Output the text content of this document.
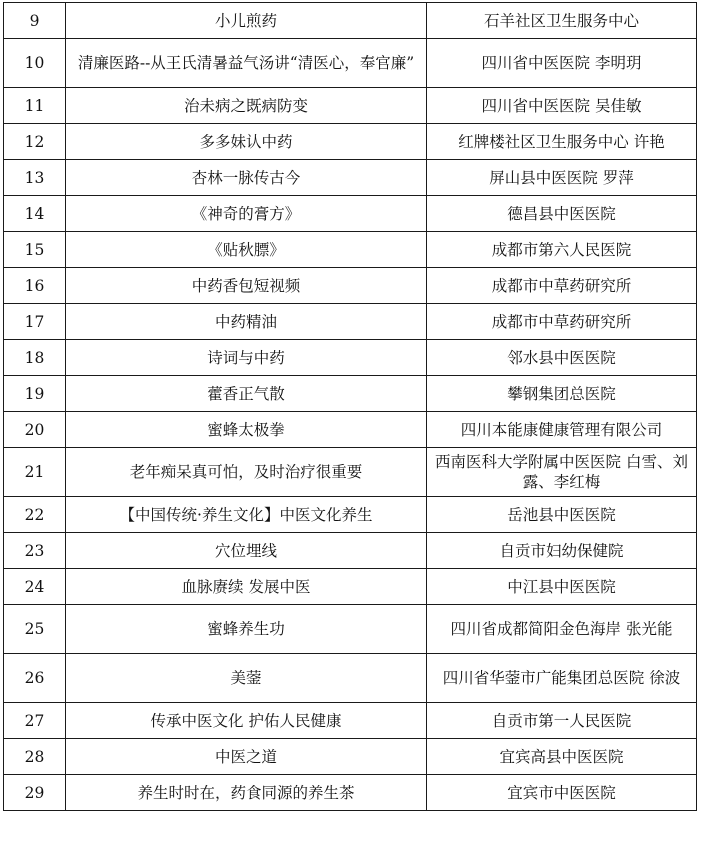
9	小儿煎药	石羊社区卫生服务中心
10	清廉医路--从王氏清暑益气汤讲“清医心，奉官廉”	四川省中医医院 李明玥
11	治未病之既病防变	四川省中医医院 吴佳敏
12	多多妹认中药	红牌楼社区卫生服务中心 许艳
13	杏林一脉传古今	屏山县中医医院 罗萍
14	《神奇的膏方》	德昌县中医医院
15	《贴秋膘》	成都市第六人民医院
16	中药香包短视频	成都市中草药研究所
17	中药精油	成都市中草药研究所
18	诗词与中药	邻水县中医医院
19	藿香正气散	攀钢集团总医院
20	蜜蜂太极拳	四川本能康健康管理有限公司
21	老年痴呆真可怕，及时治疗很重要	西南医科大学附属中医医院 白雪、刘露、李红梅
22	【中国传统·养生文化】中医文化养生	岳池县中医医院
23	穴位埋线	自贡市妇幼保健院
24	血脉赓续 发展中医	中江县中医医院
25	蜜蜂养生功	四川省成都简阳金色海岸 张光能
26	美蓥	四川省华蓥市广能集团总医院 徐波
27	传承中医文化 护佑人民健康	自贡市第一人民医院
28	中医之道	宜宾高县中医医院
29	养生时时在，药食同源的养生茶	宜宾市中医医院
